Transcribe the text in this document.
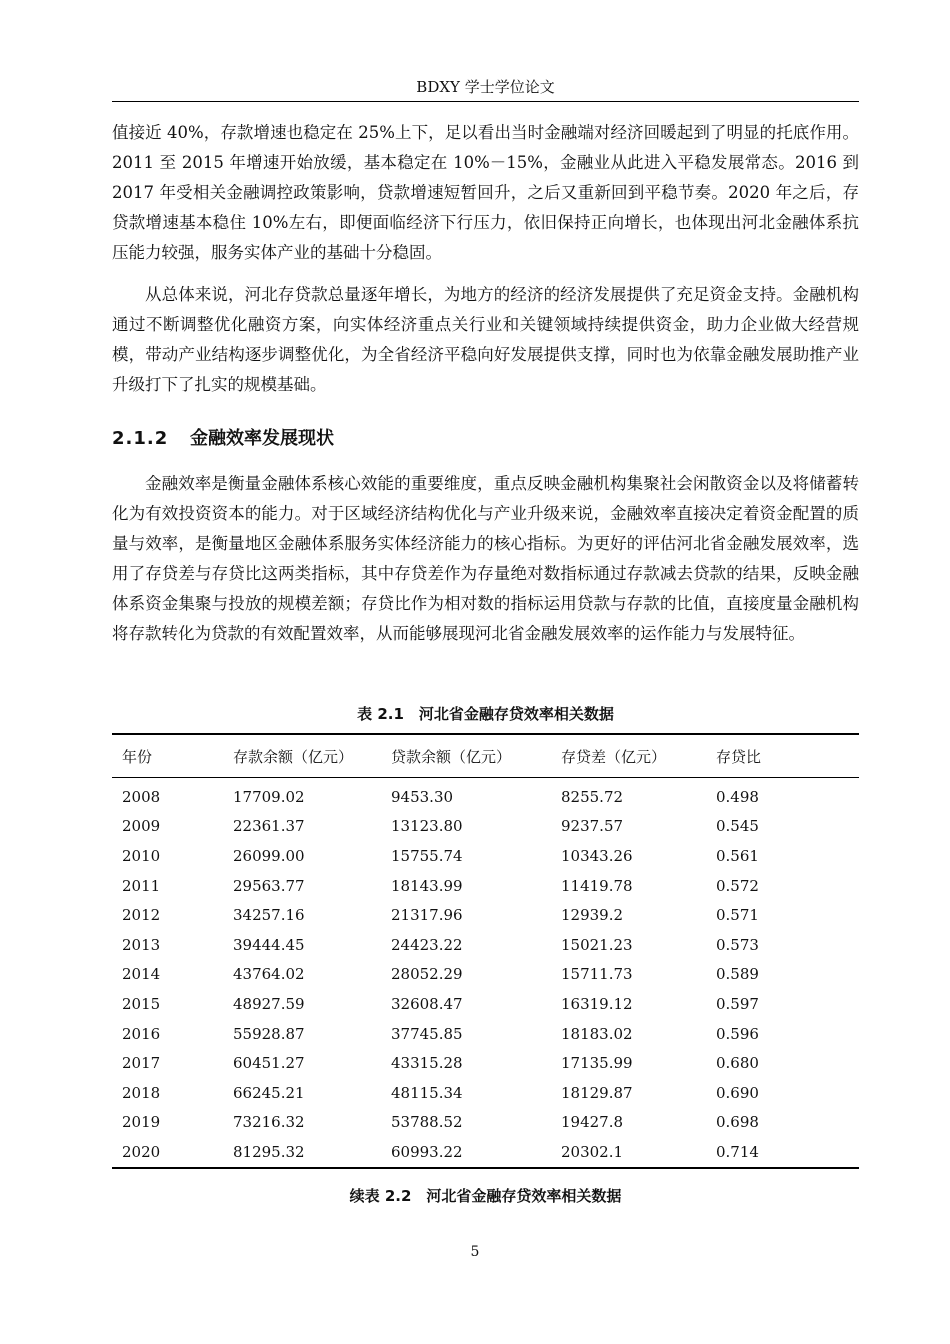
BDXY 学士学位论文

值接近 40%，存款增速也稳定在 25%上下，足以看出当时金融端对经济回暖起到了明显的托底作用。2011 至 2015 年增速开始放缓，基本稳定在 10%－15%，金融业从此进入平稳发展常态。2016 到 2017 年受相关金融调控政策影响，贷款增速短暂回升，之后又重新回到平稳节奏。2020 年之后，存贷款增速基本稳住 10%左右，即便面临经济下行压力，依旧保持正向增长，也体现出河北金融体系抗压能力较强，服务实体产业的基础十分稳固。

从总体来说，河北存贷款总量逐年增长，为地方的经济的经济发展提供了充足资金支持。金融机构通过不断调整优化融资方案，向实体经济重点关行业和关键领域持续提供资金，助力企业做大经营规模，带动产业结构逐步调整优化，为全省经济平稳向好发展提供支撑，同时也为依靠金融发展助推产业升级打下了扎实的规模基础。

2.1.2 金融效率发展现状

金融效率是衡量金融体系核心效能的重要维度，重点反映金融机构集聚社会闲散资金以及将储蓄转化为有效投资资本的能力。对于区域经济结构优化与产业升级来说，金融效率直接决定着资金配置的质量与效率，是衡量地区金融体系服务实体经济能力的核心指标。为更好的评估河北省金融发展效率，选用了存贷差与存贷比这两类指标，其中存贷差作为存量绝对数指标通过存款减去贷款的结果，反映金融体系资金集聚与投放的规模差额；存贷比作为相对数的指标运用贷款与存款的比值，直接度量金融机构将存款转化为贷款的有效配置效率，从而能够展现河北省金融发展效率的运作能力与发展特征。

表 2.1　河北省金融存贷效率相关数据
年份	存款余额（亿元）	贷款余额（亿元）	存贷差（亿元）	存贷比
2008	17709.02	9453.30	8255.72	0.498
2009	22361.37	13123.80	9237.57	0.545
2010	26099.00	15755.74	10343.26	0.561
2011	29563.77	18143.99	11419.78	0.572
2012	34257.16	21317.96	12939.2	0.571
2013	39444.45	24423.22	15021.23	0.573
2014	43764.02	28052.29	15711.73	0.589
2015	48927.59	32608.47	16319.12	0.597
2016	55928.87	37745.85	18183.02	0.596
2017	60451.27	43315.28	17135.99	0.680
2018	66245.21	48115.34	18129.87	0.690
2019	73216.32	53788.52	19427.8	0.698
2020	81295.32	60993.22	20302.1	0.714
续表 2.2　河北省金融存贷效率相关数据
5
